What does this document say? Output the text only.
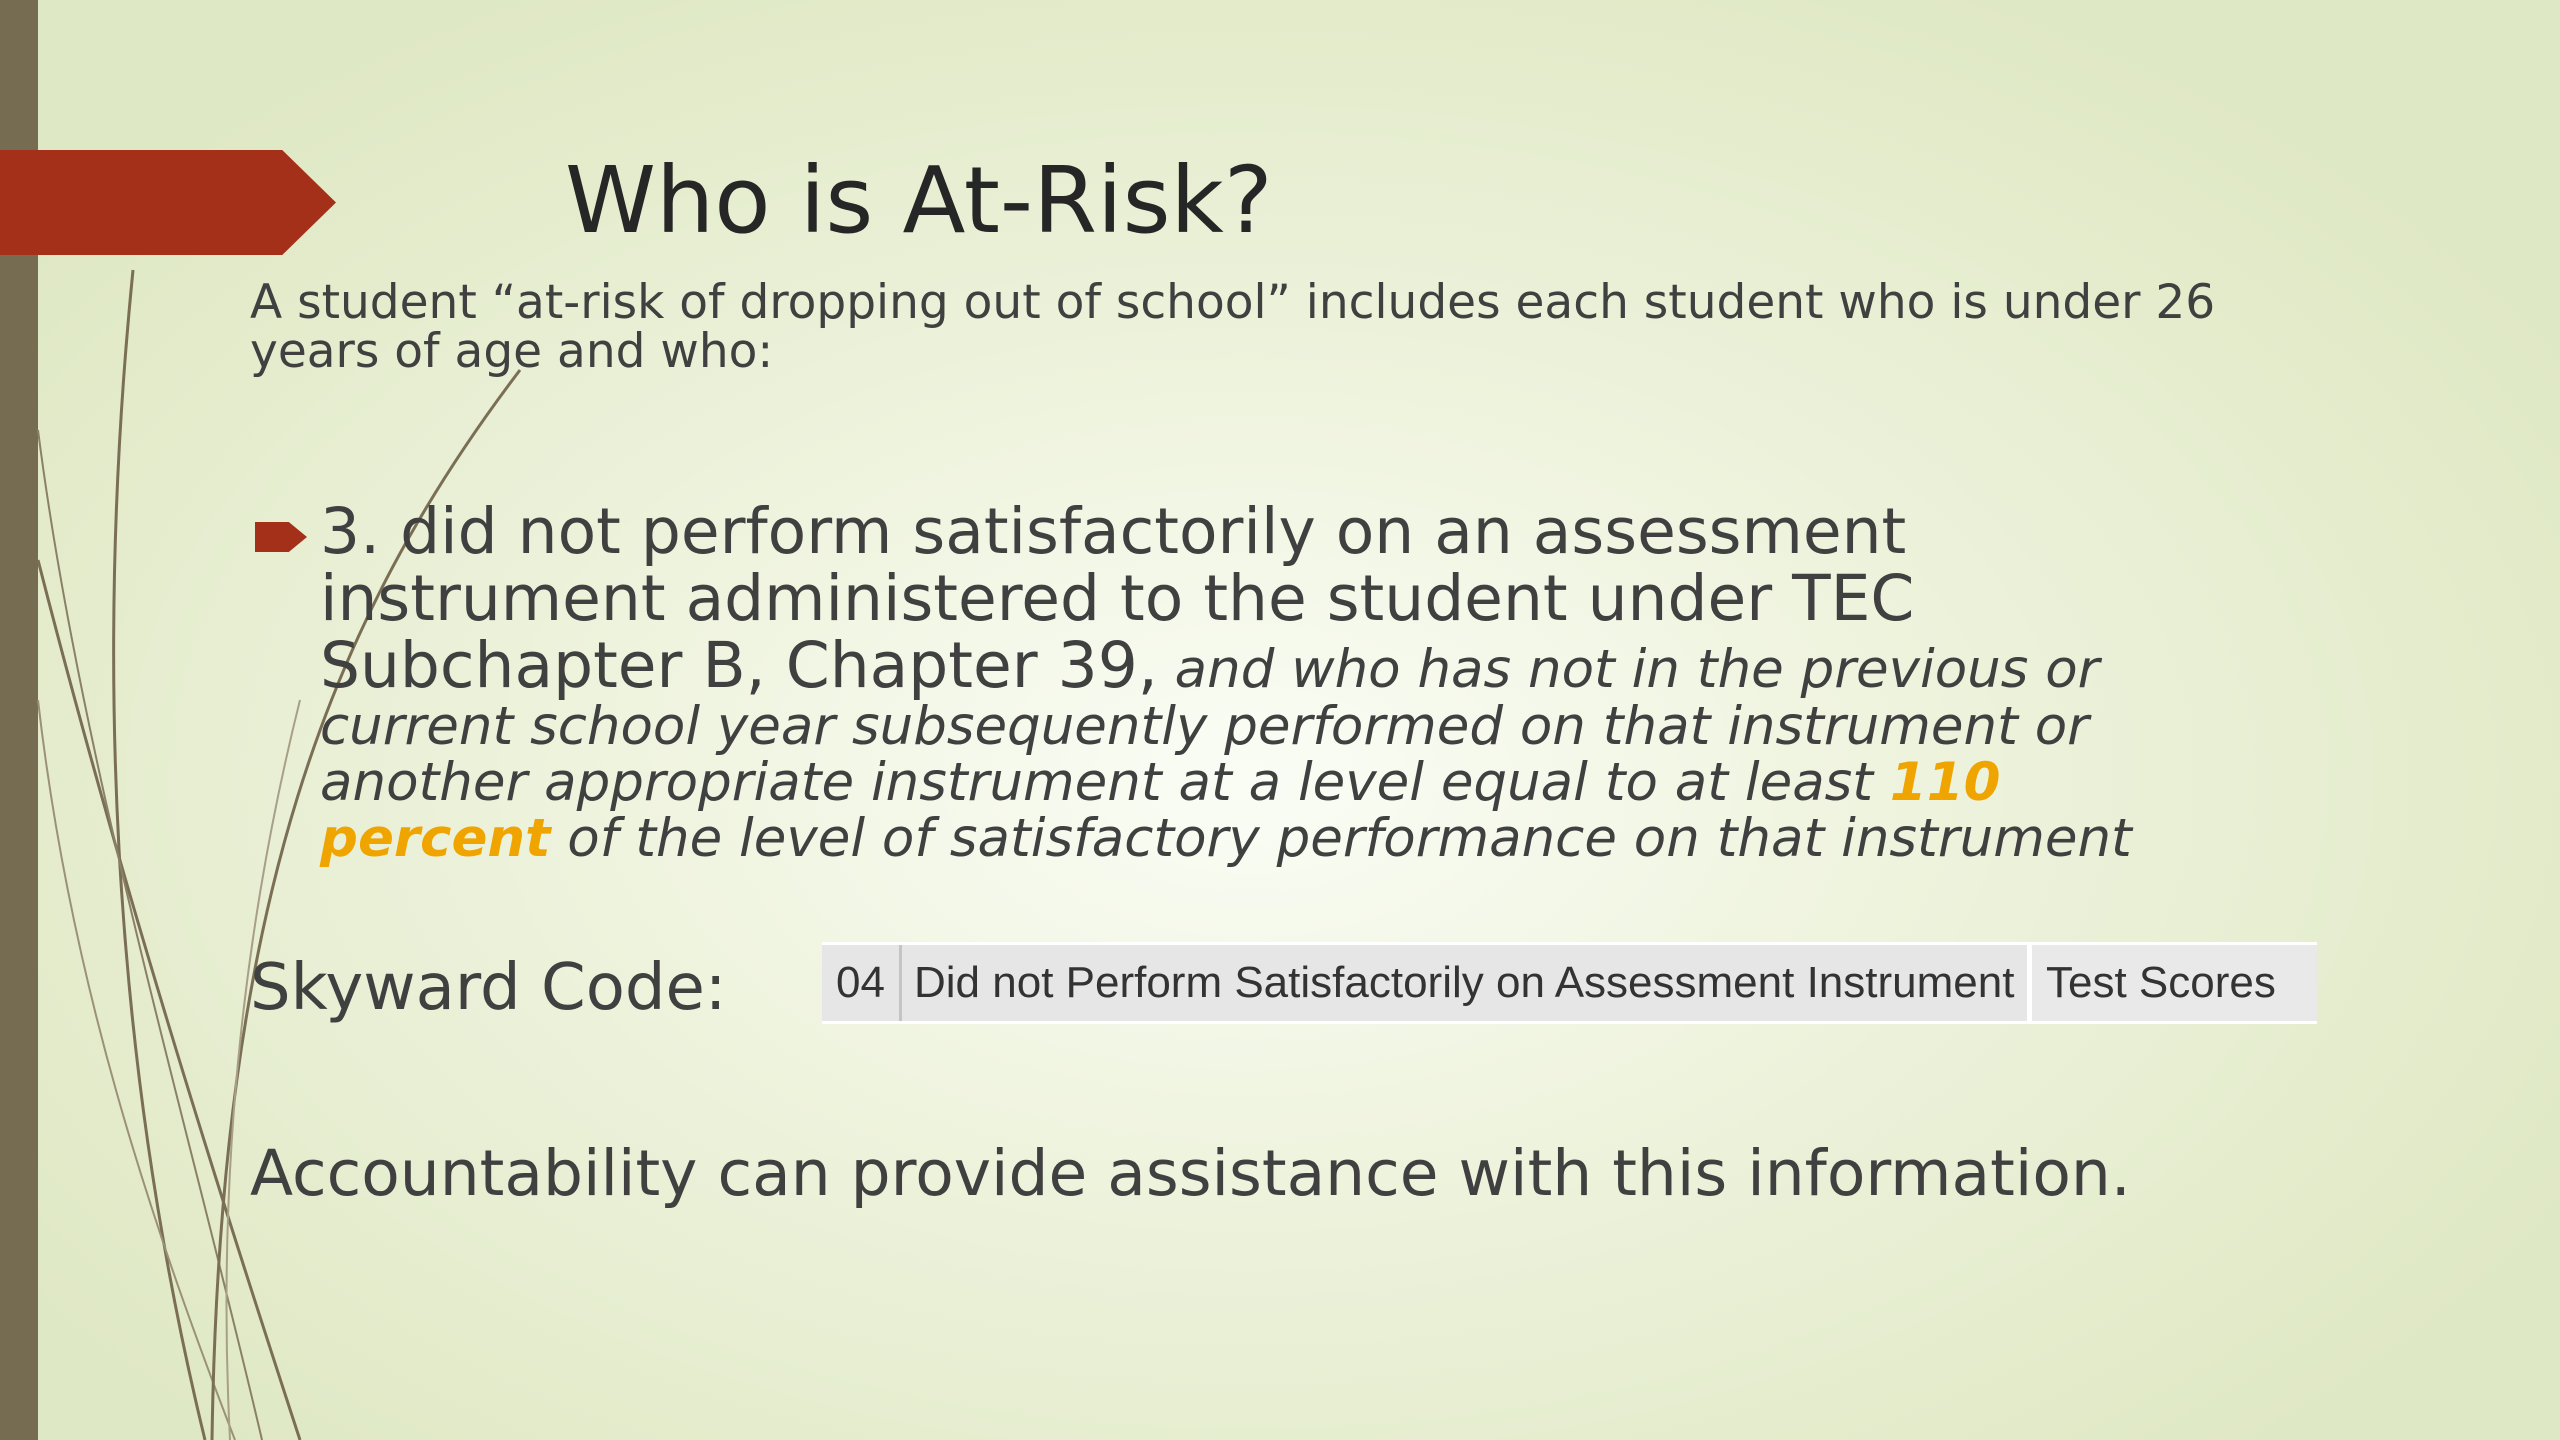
Who is At-Risk?
A student “at-risk of dropping out of school” includes each student who is under 26 years of age and who:
3. did not perform satisfactorily on an assessment instrument administered to the student under TEC Subchapter B, Chapter 39, and who has not in the previous or current school year subsequently performed on that instrument or another appropriate instrument at a level equal to at least 110 percent of the level of satisfactory performance on that instrument
Skyward Code:	04 Did not Perform Satisfactorily on Assessment Instrument Test Scores
Accountability can provide assistance with this information.
